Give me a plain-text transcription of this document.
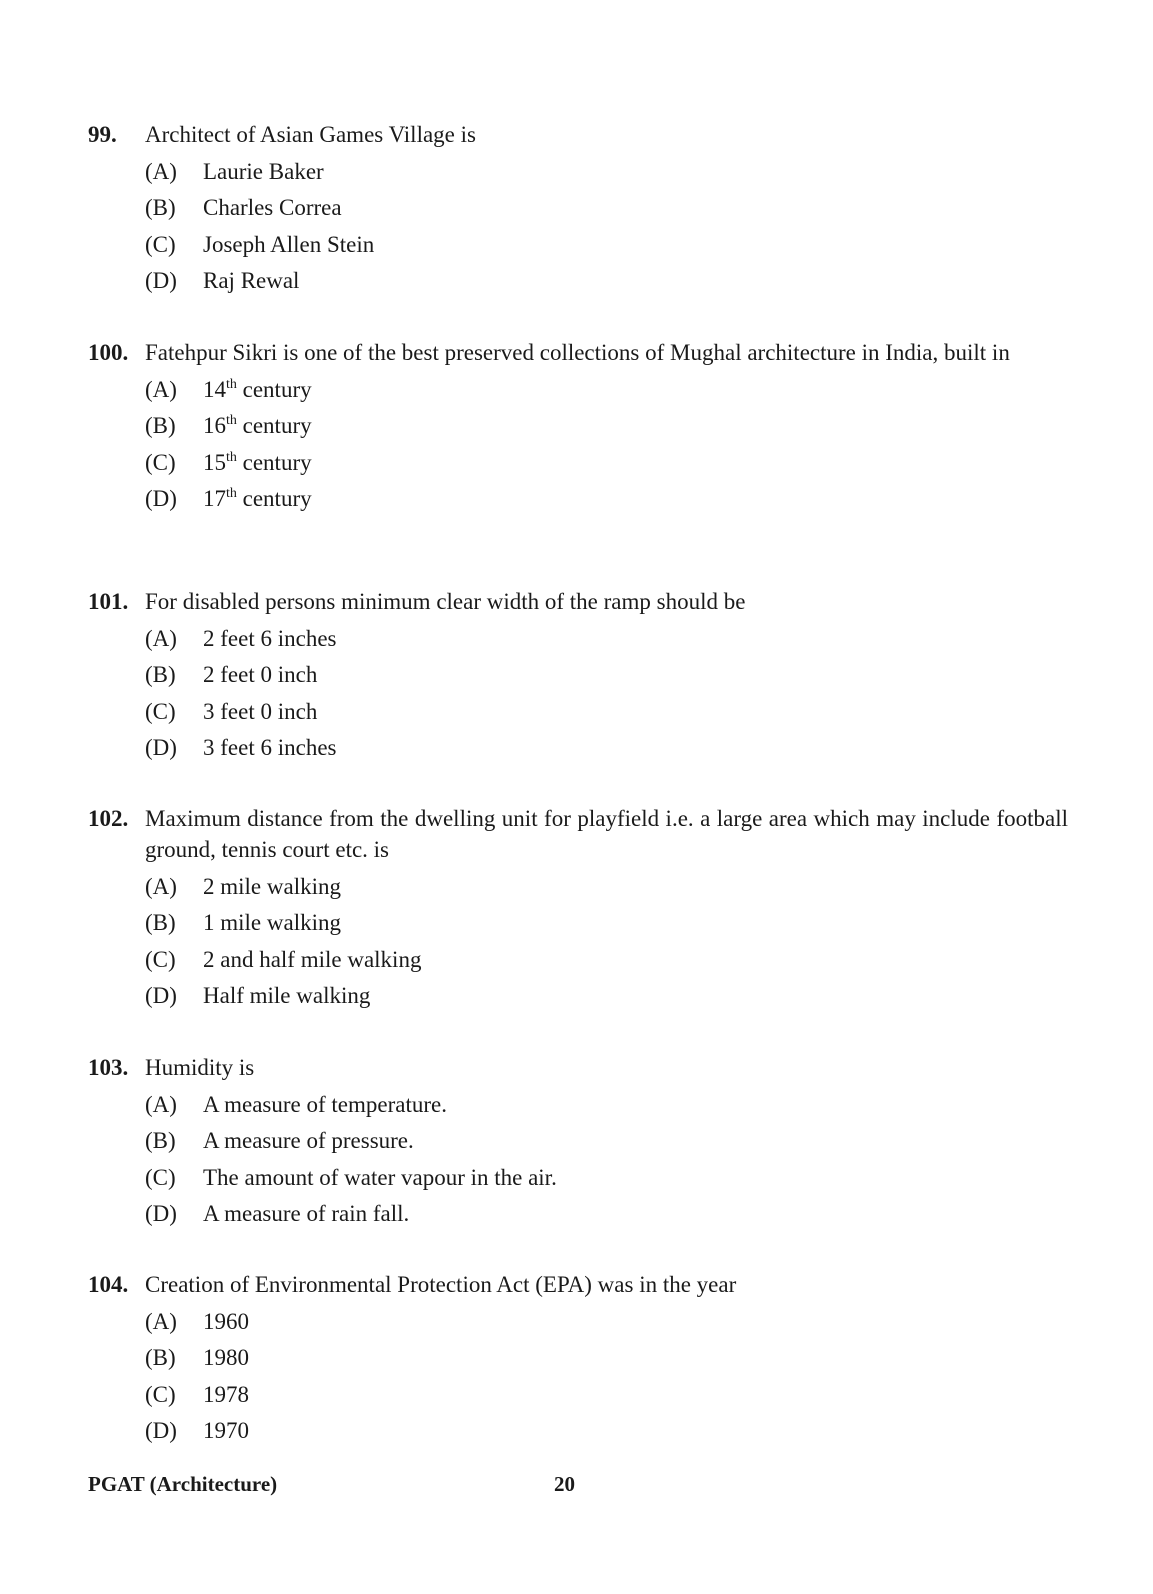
99.	Architect of Asian Games Village is
(A)	Laurie Baker
(B)	Charles Correa
(C)	Joseph Allen Stein
(D)	Raj Rewal
100. Fatehpur Sikri is one of the best preserved collections of Mughal architecture in India, built in
(A)	14th century
(B)	16th century
(C)	15th century
(D)	17th century
101. For disabled persons minimum clear width of the ramp should be
(A)	2 feet 6 inches
(B)	2 feet 0 inch
(C)	3 feet 0 inch
(D)	3 feet 6 inches
102. Maximum distance from the dwelling unit for playfield i.e. a large area which may include football ground, tennis court etc. is
(A)	2 mile walking
(B)	1 mile walking
(C)	2 and half mile walking
(D)	Half mile walking
103. Humidity is
(A)	A measure of temperature.
(B)	A measure of pressure.
(C)	The amount of water vapour in the air.
(D)	A measure of rain fall.
104. Creation of Environmental Protection Act (EPA) was in the year
(A)	1960
(B)	1980
(C)	1978
(D)	1970
PGAT (Architecture)	20
